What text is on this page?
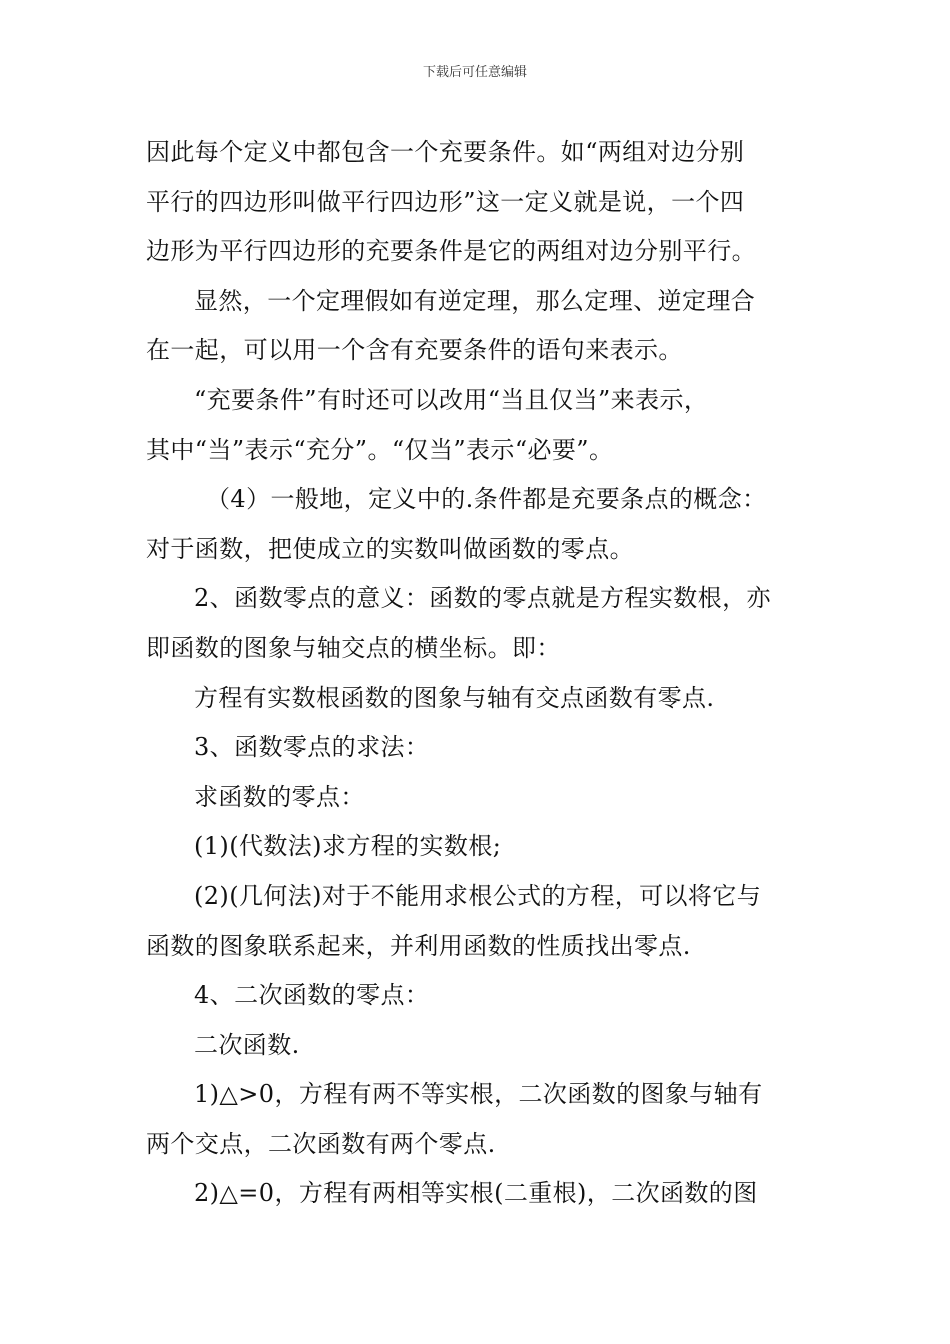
下载后可任意编辑

因此每个定义中都包含一个充要条件。如“两组对边分别

平行的四边形叫做平行四边形”这一定义就是说，一个四

边形为平行四边形的充要条件是它的两组对边分别平行。

显然，一个定理假如有逆定理，那么定理、逆定理合

在一起，可以用一个含有充要条件的语句来表示。

“充要条件”有时还可以改用“当且仅当”来表示，

其中“当”表示“充分”。“仅当”表示“必要”。

（4）一般地，定义中的.条件都是充要条点的概念：

对于函数，把使成立的实数叫做函数的零点。

2、函数零点的意义：函数的零点就是方程实数根，亦

即函数的图象与轴交点的横坐标。即：

方程有实数根函数的图象与轴有交点函数有零点.

3、函数零点的求法：

求函数的零点：

(1)(代数法)求方程的实数根;

(2)(几何法)对于不能用求根公式的方程，可以将它与

函数的图象联系起来，并利用函数的性质找出零点.

4、二次函数的零点：

二次函数.

1)△>0，方程有两不等实根，二次函数的图象与轴有

两个交点，二次函数有两个零点.

2)△=0，方程有两相等实根(二重根)，二次函数的图
